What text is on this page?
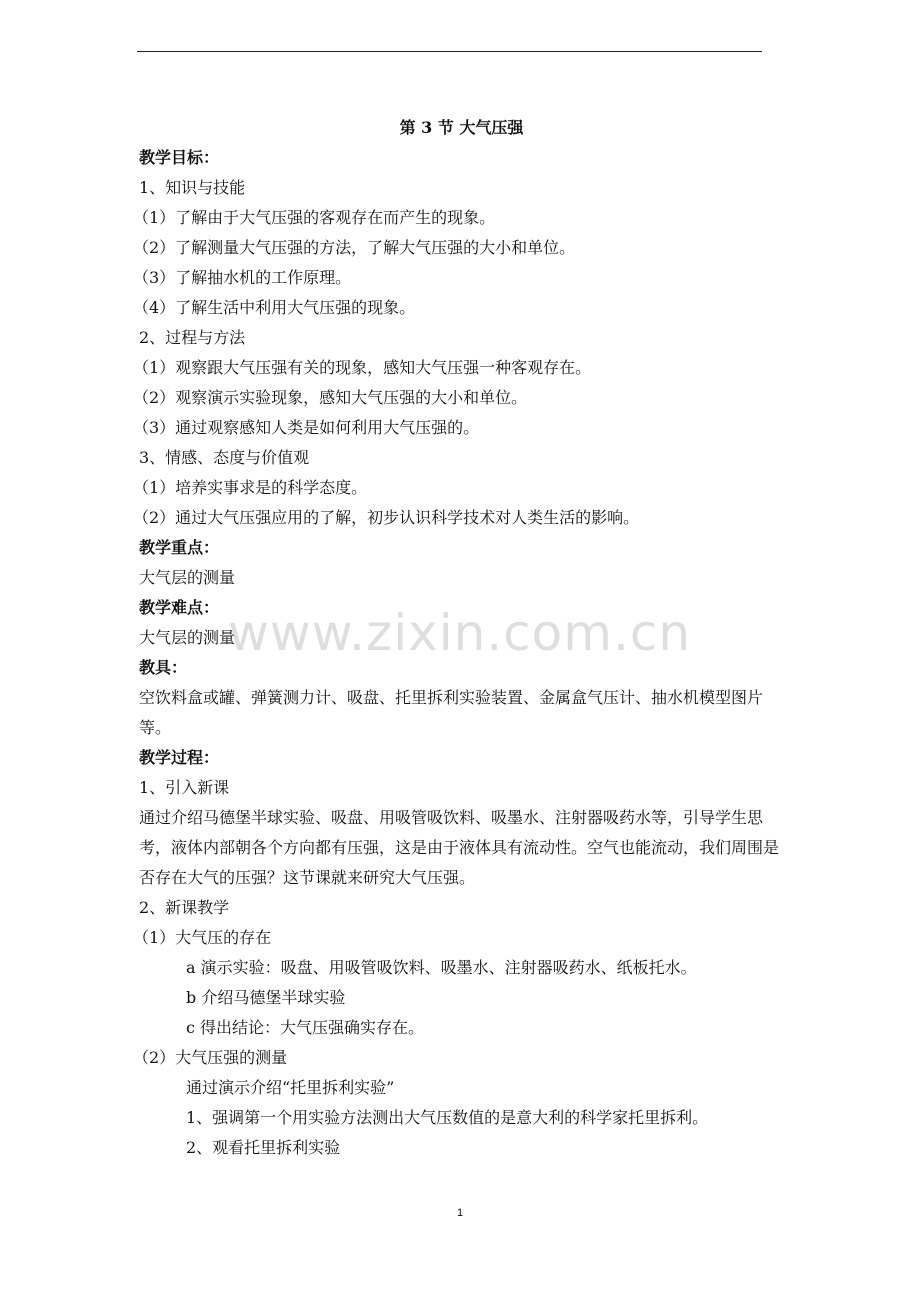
www.zixin.com.cn
第 3 节 大气压强
教学目标：
1、知识与技能
（1）了解由于大气压强的客观存在而产生的现象。
（2）了解测量大气压强的方法，了解大气压强的大小和单位。
（3）了解抽水机的工作原理。
（4）了解生活中利用大气压强的现象。
2、过程与方法
（1）观察跟大气压强有关的现象，感知大气压强一种客观存在。
（2）观察演示实验现象，感知大气压强的大小和单位。
（3）通过观察感知人类是如何利用大气压强的。
3、情感、态度与价值观
（1）培养实事求是的科学态度。
（2）通过大气压强应用的了解，初步认识科学技术对人类生活的影响。
教学重点：
大气层的测量
教学难点：
大气层的测量
教具：
空饮料盒或罐、弹簧测力计、吸盘、托里拆利实验装置、金属盒气压计、抽水机模型图片等。
教学过程：
1、引入新课
通过介绍马德堡半球实验、吸盘、用吸管吸饮料、吸墨水、注射器吸药水等，引导学生思考，液体内部朝各个方向都有压强，这是由于液体具有流动性。空气也能流动，我们周围是否存在大气的压强？这节课就来研究大气压强。
2、新课教学
（1）大气压的存在
a 演示实验：吸盘、用吸管吸饮料、吸墨水、注射器吸药水、纸板托水。
b 介绍马德堡半球实验
c 得出结论：大气压强确实存在。
（2）大气压强的测量
通过演示介绍“托里拆利实验”
1、强调第一个用实验方法测出大气压数值的是意大利的科学家托里拆利。
2、观看托里拆利实验
1
